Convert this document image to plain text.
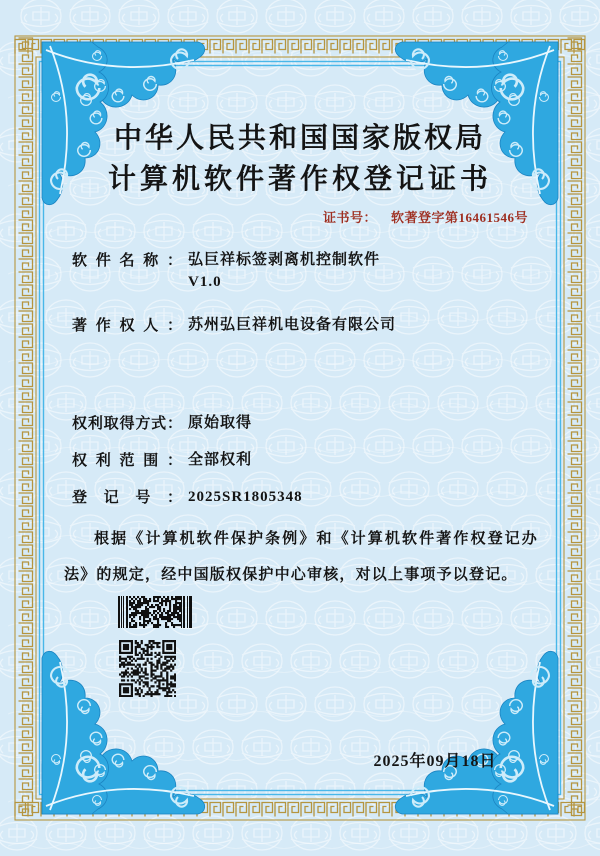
中华人民共和国国家版权局
计算机软件著作权登记证书
证书号： 软著登字第16461546号
软件名称： 弘巨祥标签剥离机控制软件
V1.0
著作权人： 苏州弘巨祥机电设备有限公司
权利取得方式： 原始取得
权利范围： 全部权利
登记号： 2025SR1805348
根据《计算机软件保护条例》和《计算机软件著作权登记办法》的规定，经中国版权保护中心审核，对以上事项予以登记。
2025年09月18日
